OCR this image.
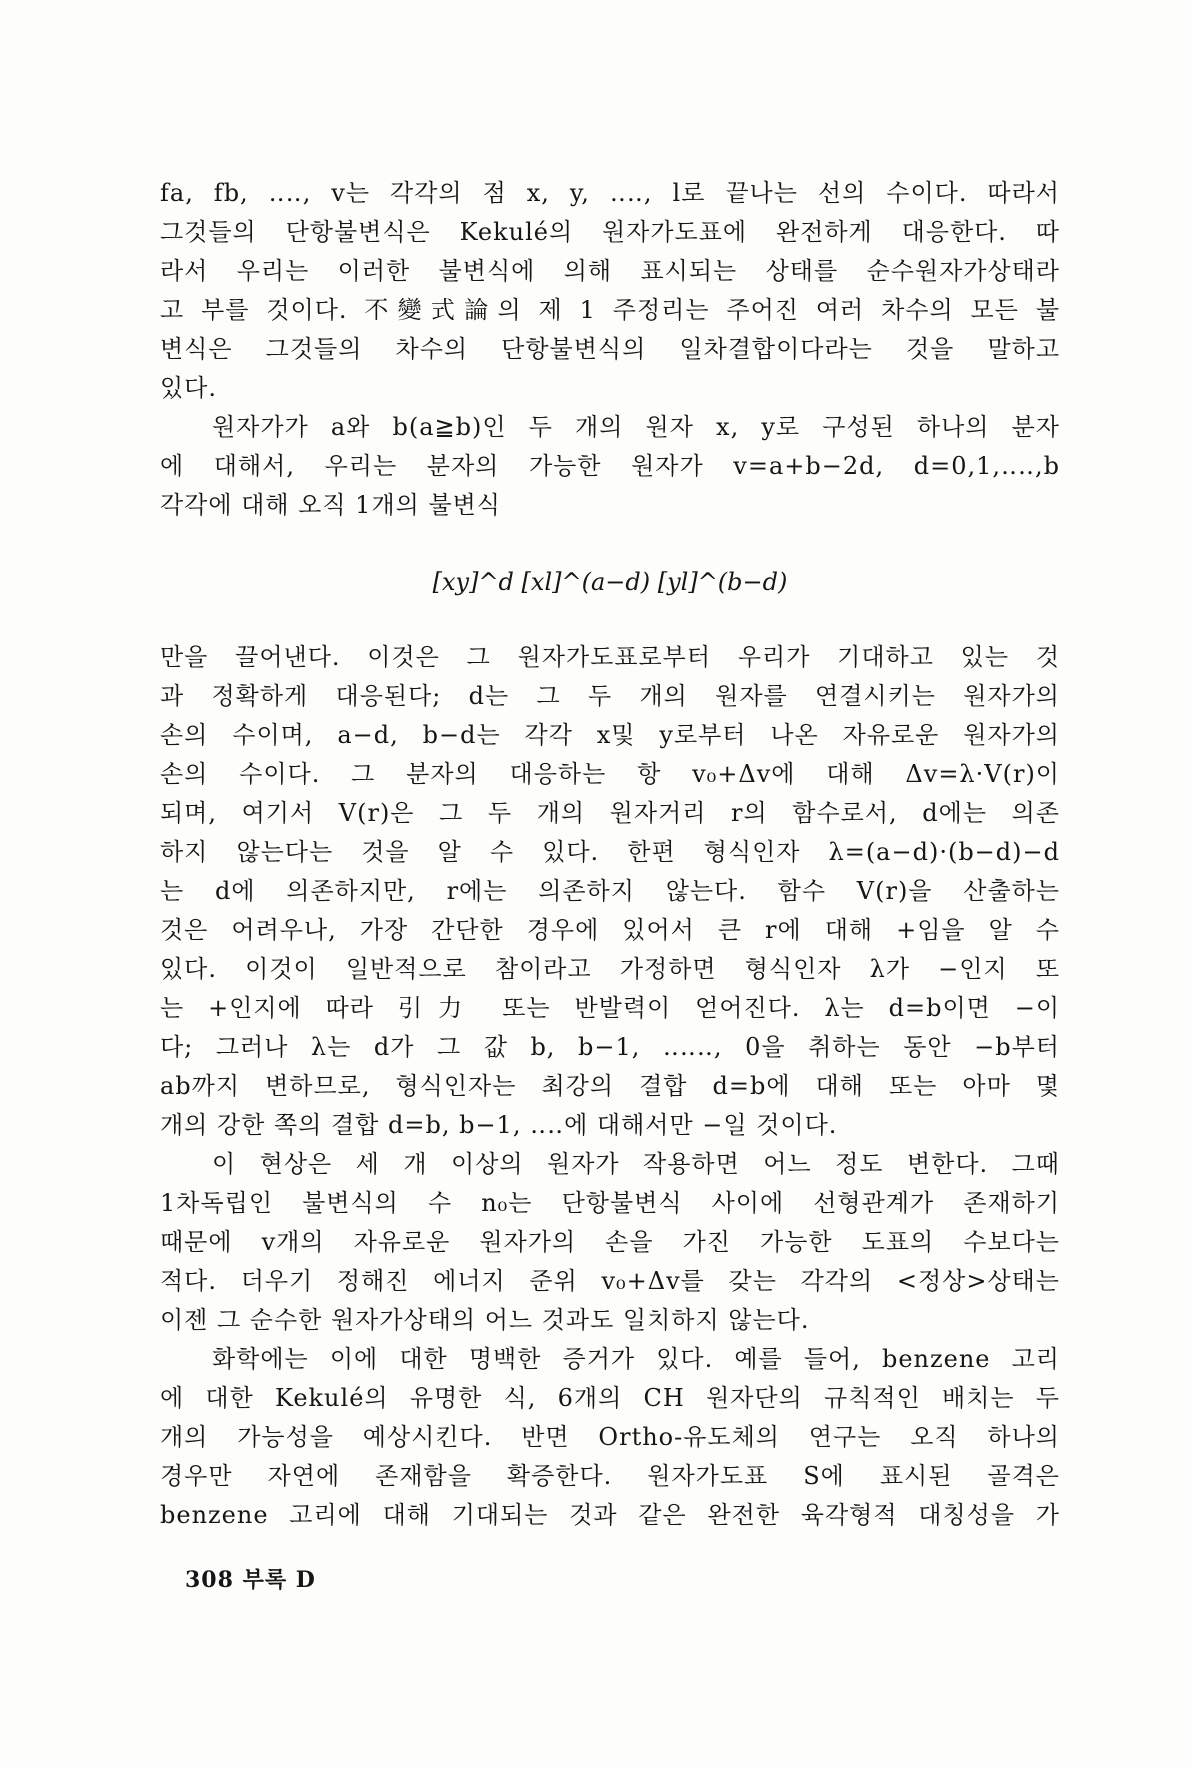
fa, fb, ‥‥, v는 각각의 점 x, y, ‥‥, l로 끝나는 선의 수이다. 따라서
그것들의 단항불변식은 Kekulé의 원자가도표에 완전하게 대응한다. 따
라서 우리는 이러한 불변식에 의해 표시되는 상태를 순수원자가상태라
고 부를 것이다. 不變式論의 제 1 주정리는 주어진 여러 차수의 모든 불
변식은 그것들의 차수의 단항불변식의 일차결합이다라는 것을 말하고
있다.
원자가가 a와 b(a≧b)인 두 개의 원자 x, y로 구성된 하나의 분자
에 대해서, 우리는 분자의 가능한 원자가 v=a+b−2d, d=0,1,‥‥,b
각각에 대해 오직 1개의 불변식
[xy]^d [xl]^(a−d) [yl]^(b−d)
만을 끌어낸다. 이것은 그 원자가도표로부터 우리가 기대하고 있는 것
과 정확하게 대응된다; d는 그 두 개의 원자를 연결시키는 원자가의
손의 수이며, a−d, b−d는 각각 x및 y로부터 나온 자유로운 원자가의
손의 수이다. 그 분자의 대응하는 항 v₀+Δv에 대해 Δv=λ·V(r)이
되며, 여기서 V(r)은 그 두 개의 원자거리 r의 함수로서, d에는 의존
하지 않는다는 것을 알 수 있다. 한편 형식인자 λ=(a−d)·(b−d)−d
는 d에 의존하지만, r에는 의존하지 않는다. 함수 V(r)을 산출하는
것은 어려우나, 가장 간단한 경우에 있어서 큰 r에 대해 +임을 알 수
있다. 이것이 일반적으로 참이라고 가정하면 형식인자 λ가 −인지 또
는 +인지에 따라 引力 또는 반발력이 얻어진다. λ는 d=b이면 −이
다; 그러나 λ는 d가 그 값 b, b−1, ‥‥‥, 0을 취하는 동안 −b부터
ab까지 변하므로, 형식인자는 최강의 결합 d=b에 대해 또는 아마 몇
개의 강한 쪽의 결합 d=b, b−1, ‥‥에 대해서만 −일 것이다.
이 현상은 세 개 이상의 원자가 작용하면 어느 정도 변한다. 그때
1차독립인 불변식의 수 n₀는 단항불변식 사이에 선형관계가 존재하기
때문에 v개의 자유로운 원자가의 손을 가진 가능한 도표의 수보다는
적다. 더우기 정해진 에너지 준위 v₀+Δv를 갖는 각각의 <정상>상태는
이젠 그 순수한 원자가상태의 어느 것과도 일치하지 않는다.
화학에는 이에 대한 명백한 증거가 있다. 예를 들어, benzene 고리
에 대한 Kekulé의 유명한 식, 6개의 CH 원자단의 규칙적인 배치는 두
개의 가능성을 예상시킨다. 반면 Ortho-유도체의 연구는 오직 하나의
경우만 자연에 존재함을 확증한다. 원자가도표 S에 표시된 골격은
benzene 고리에 대해 기대되는 것과 같은 완전한 육각형적 대칭성을 가
308 부록 D
